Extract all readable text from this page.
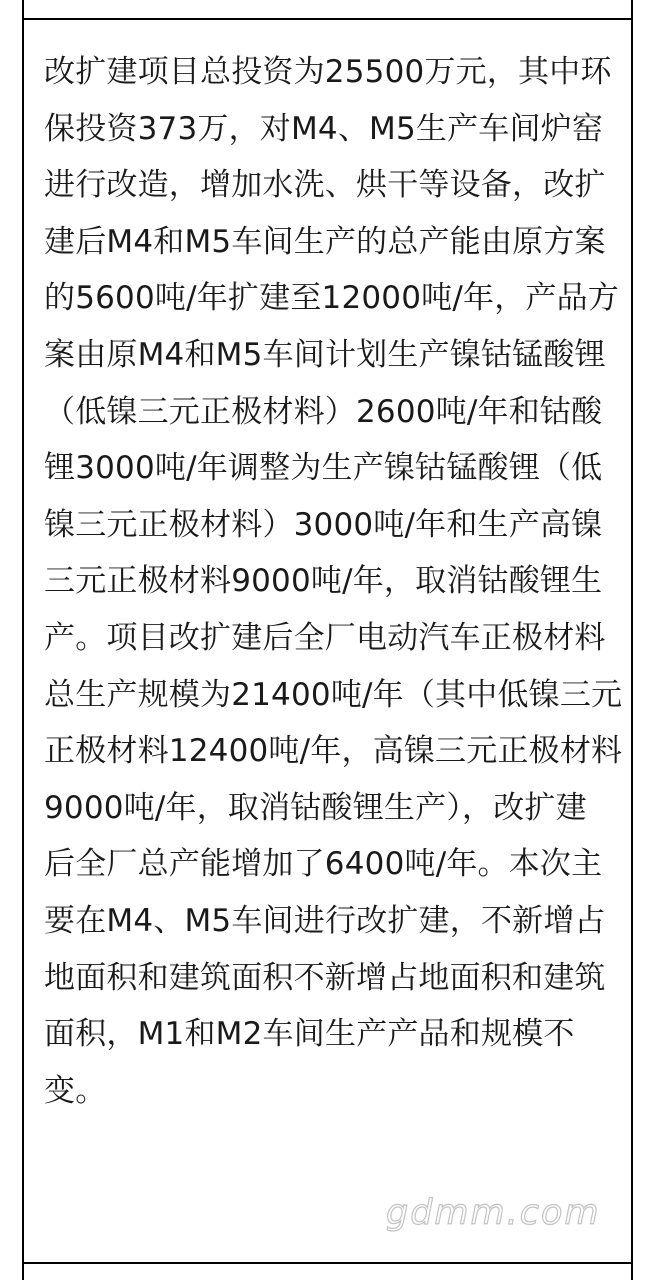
改扩建项目总投资为25500万元，其中环
保投资373万，对M4、M5生产车间炉窑
进行改造，增加水洗、烘干等设备，改扩
建后M4和M5车间生产的总产能由原方案
的5600吨/年扩建至12000吨/年，产品方
案由原M4和M5车间计划生产镍钴锰酸锂
（低镍三元正极材料）2600吨/年和钴酸
锂3000吨/年调整为生产镍钴锰酸锂（低
镍三元正极材料）3000吨/年和生产高镍
三元正极材料9000吨/年，取消钴酸锂生
产。项目改扩建后全厂电动汽车正极材料
总生产规模为21400吨/年（其中低镍三元
正极材料12400吨/年，高镍三元正极材料
9000吨/年，取消钴酸锂生产），改扩建
后全厂总产能增加了6400吨/年。本次主
要在M4、M5车间进行改扩建，不新增占
地面积和建筑面积不新增占地面积和建筑
面积，M1和M2车间生产产品和规模不
变。

gdmm.com
